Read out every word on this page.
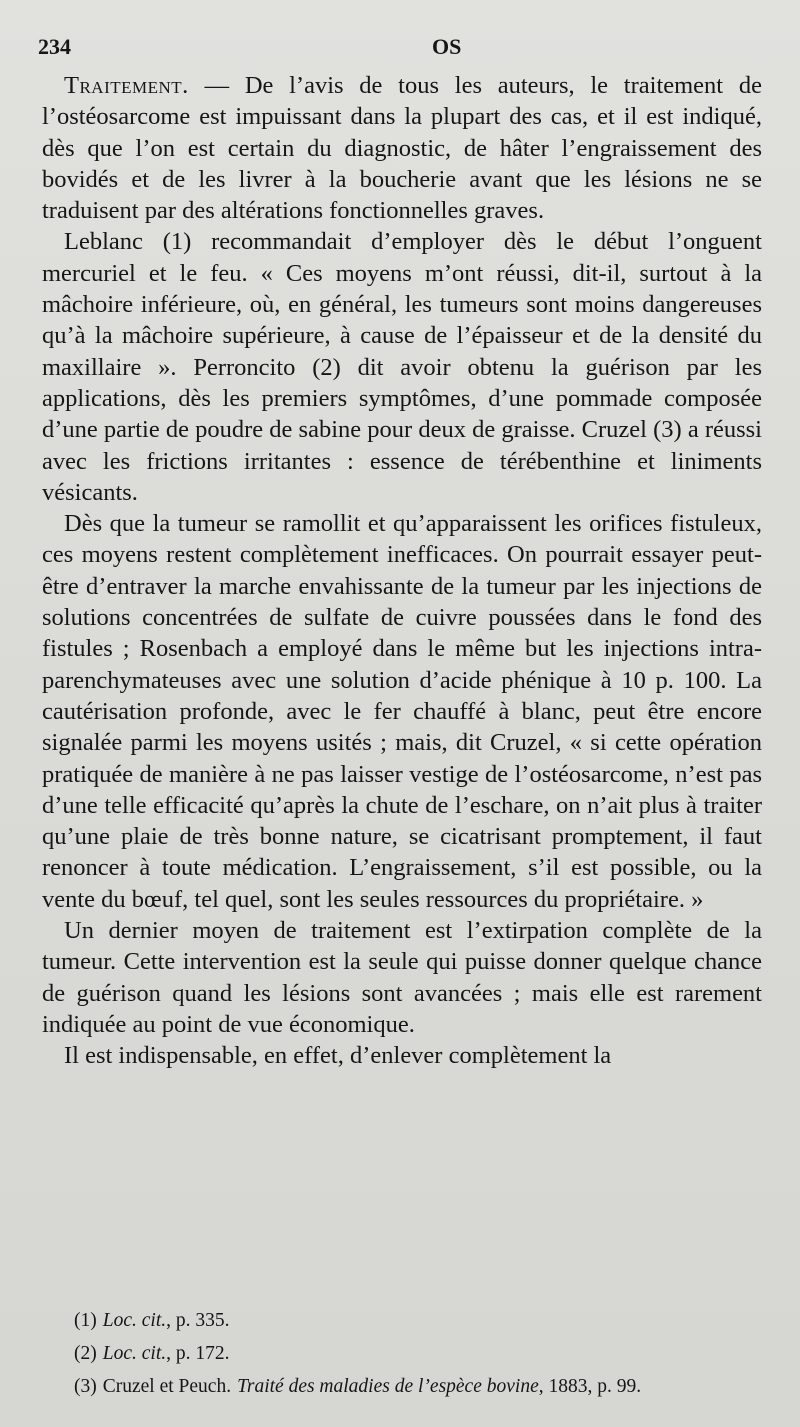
234	OS

Traitement. — De l’avis de tous les auteurs, le traitement de l’ostéosarcome est impuissant dans la plupart des cas, et il est indiqué, dès que l’on est certain du diagnostic, de hâter l’engraissement des bovidés et de les livrer à la boucherie avant que les lésions ne se traduisent par des altérations fonctionnelles graves.

Leblanc (1) recommandait d’employer dès le début l’onguent mercuriel et le feu. « Ces moyens m’ont réussi, dit-il, surtout à la mâchoire inférieure, où, en général, les tumeurs sont moins dangereuses qu’à la mâchoire supérieure, à cause de l’épaisseur et de la densité du maxillaire ». Perroncito (2) dit avoir obtenu la guérison par les applications, dès les premiers symptômes, d’une pommade composée d’une partie de poudre de sabine pour deux de graisse. Cruzel (3) a réussi avec les frictions irritantes : essence de térébenthine et liniments vésicants.

Dès que la tumeur se ramollit et qu’apparaissent les orifices fistuleux, ces moyens restent complètement inefficaces. On pourrait essayer peut-être d’entraver la marche envahissante de la tumeur par les injections de solutions concentrées de sulfate de cuivre poussées dans le fond des fistules ; Rosenbach a employé dans le même but les injections intra-parenchymateuses avec une solution d’acide phénique à 10 p. 100. La cautérisation profonde, avec le fer chauffé à blanc, peut être encore signalée parmi les moyens usités ; mais, dit Cruzel, « si cette opération pratiquée de manière à ne pas laisser vestige de l’ostéosarcome, n’est pas d’une telle efficacité qu’après la chute de l’eschare, on n’ait plus à traiter qu’une plaie de très bonne nature, se cicatrisant promptement, il faut renoncer à toute médication. L’engraissement, s’il est possible, ou la vente du bœuf, tel quel, sont les seules ressources du propriétaire. »

Un dernier moyen de traitement est l’extirpation complète de la tumeur. Cette intervention est la seule qui puisse donner quelque chance de guérison quand les lésions sont avancées ; mais elle est rarement indiquée au point de vue économique.

Il est indispensable, en effet, d’enlever complètement la

(1) Loc. cit., p. 335.
(2) Loc. cit., p. 172.
(3) Cruzel et Peuch. Traité des maladies de l’espèce bovine, 1883, p. 99.
